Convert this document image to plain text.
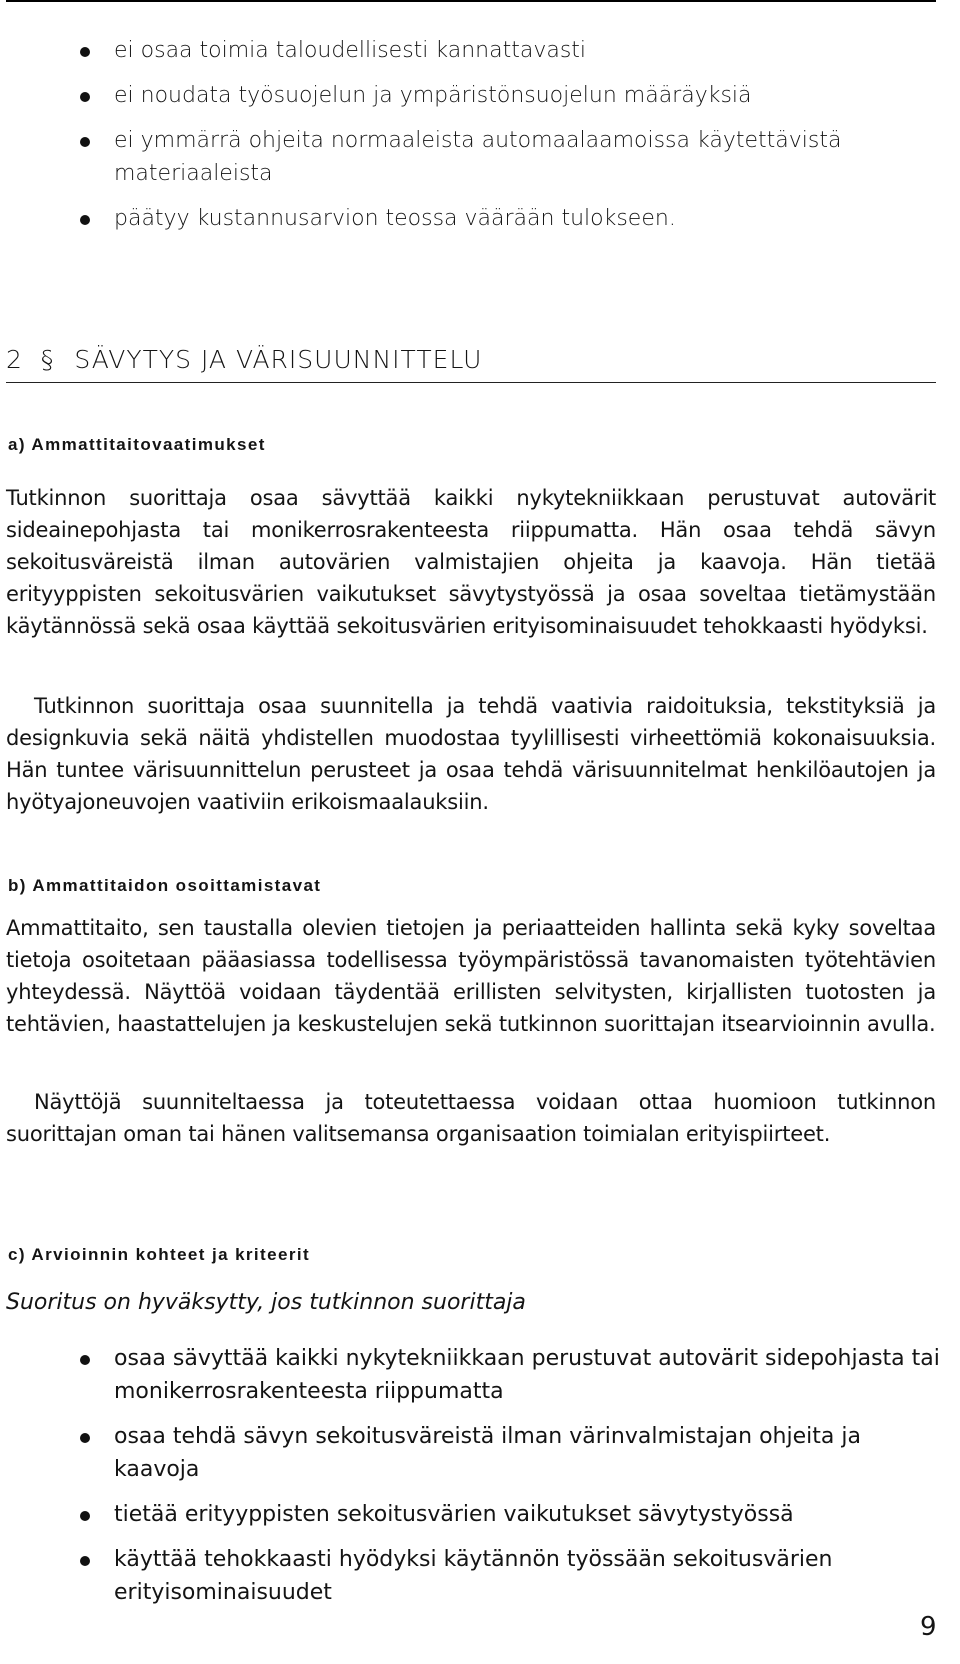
ei osaa toimia taloudellisesti kannattavasti
ei noudata työsuojelun ja ympäristönsuojelun määräyksiä
ei ymmärrä ohjeita normaaleista automaalaamoissa käytettävistä materiaaleista
päätyy kustannusarvion teossa väärään tulokseen.
2 § SÄVYTYS JA VÄRISUUNNITTELU
a) Ammattitaitovaatimukset

Tutkinnon suorittaja osaa sävyttää kaikki nykytekniikkaan perustuvat autovärit sideainepohjasta tai monikerrosrakenteesta riippumatta. Hän osaa tehdä sävyn sekoitusväreistä ilman autovärien valmistajien ohjeita ja kaavoja. Hän tietää erityyppisten sekoitusvärien vaikutukset sävytystyössä ja osaa soveltaa tietämystään käytännössä sekä osaa käyttää sekoitusvärien erityisominaisuudet tehokkaasti hyödyksi.

Tutkinnon suorittaja osaa suunnitella ja tehdä vaativia raidoituksia, tekstityksiä ja designkuvia sekä näitä yhdistellen muodostaa tyylillisesti virheettömiä kokonaisuuksia. Hän tuntee värisuunnittelun perusteet ja osaa tehdä värisuunnitelmat henkilöautojen ja hyötyajoneuvojen vaativiin erikoismaalauksiin.

b) Ammattitaidon osoittamistavat

Ammattitaito, sen taustalla olevien tietojen ja periaatteiden hallinta sekä kyky soveltaa tietoja osoitetaan pääasiassa todellisessa työympäristössä tavanomaisten työtehtävien yhteydessä. Näyttöä voidaan täydentää erillisten selvitysten, kirjallisten tuotosten ja tehtävien, haastattelujen ja keskustelujen sekä tutkinnon suorittajan itsearvioinnin avulla.

Näyttöjä suunniteltaessa ja toteutettaessa voidaan ottaa huomioon tutkinnon suorittajan oman tai hänen valitsemansa organisaation toimialan erityispiirteet.

c) Arvioinnin kohteet ja kriteerit
Suoritus on hyväksytty, jos tutkinnon suorittaja
osaa sävyttää kaikki nykytekniikkaan perustuvat autovärit sidepohjasta tai monikerrosrakenteesta riippumatta
osaa tehdä sävyn sekoitusväreistä ilman värinvalmistajan ohjeita ja kaavoja
tietää erityyppisten sekoitusvärien vaikutukset sävytystyössä
käyttää tehokkaasti hyödyksi käytännön työssään sekoitusvärien erityisominaisuudet
9
